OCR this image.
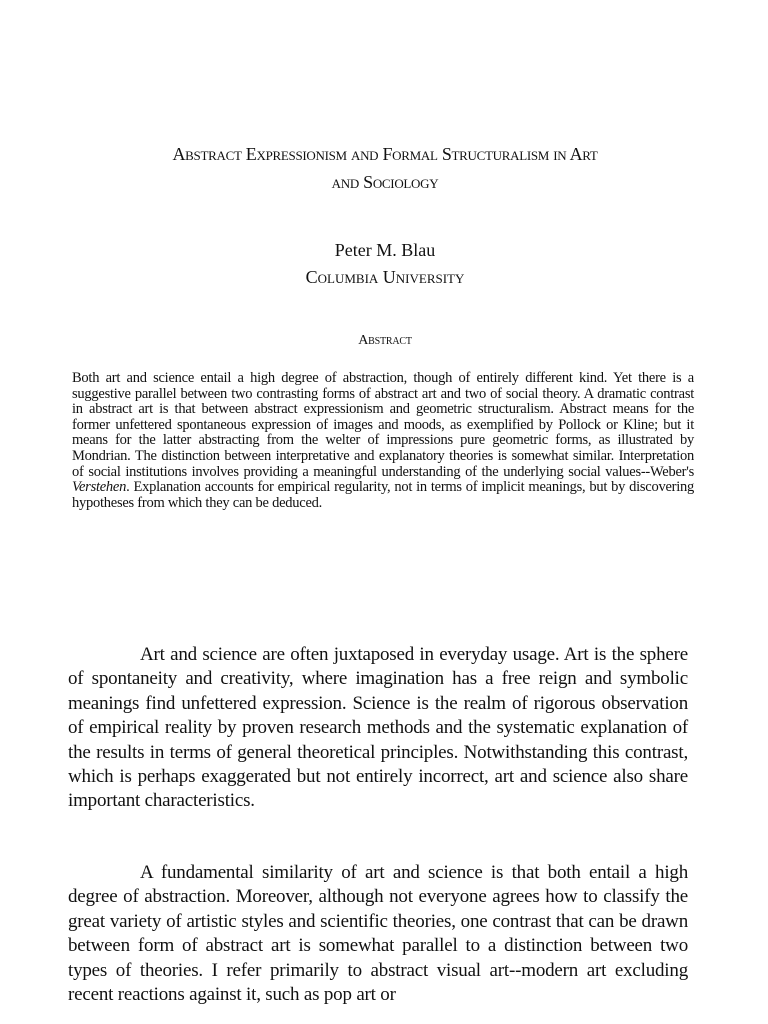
Abstract Expressionism and Formal Structuralism in Art
and Sociology
Peter M. Blau
Columbia University
Abstract
Both art and science entail a high degree of abstraction, though of entirely different kind. Yet there is a suggestive parallel between two contrasting forms of abstract art and two of social theory. A dramatic contrast in abstract art is that between abstract expressionism and geometric structuralism. Abstract means for the former unfettered spontaneous expression of images and moods, as exemplified by Pollock or Kline; but it means for the latter abstracting from the welter of impressions pure geometric forms, as illustrated by Mondrian. The distinction between interpretative and explanatory theories is somewhat similar. Interpretation of social institutions involves providing a meaningful understanding of the underlying social values--Weber's Verstehen. Explanation accounts for empirical regularity, not in terms of implicit meanings, but by discovering hypotheses from which they can be deduced.
Art and science are often juxtaposed in everyday usage. Art is the sphere of spontaneity and creativity, where imagination has a free reign and symbolic meanings find unfettered expression. Science is the realm of rigorous observation of empirical reality by proven research methods and the systematic explanation of the results in terms of general theoretical principles. Notwithstanding this contrast, which is perhaps exaggerated but not entirely incorrect, art and science also share important characteristics.
A fundamental similarity of art and science is that both entail a high degree of abstraction. Moreover, although not everyone agrees how to classify the great variety of artistic styles and scientific theories, one contrast that can be drawn between form of abstract art is somewhat parallel to a distinction between two types of theories. I refer primarily to abstract visual art--modern art excluding recent reactions against it, such as pop art or
